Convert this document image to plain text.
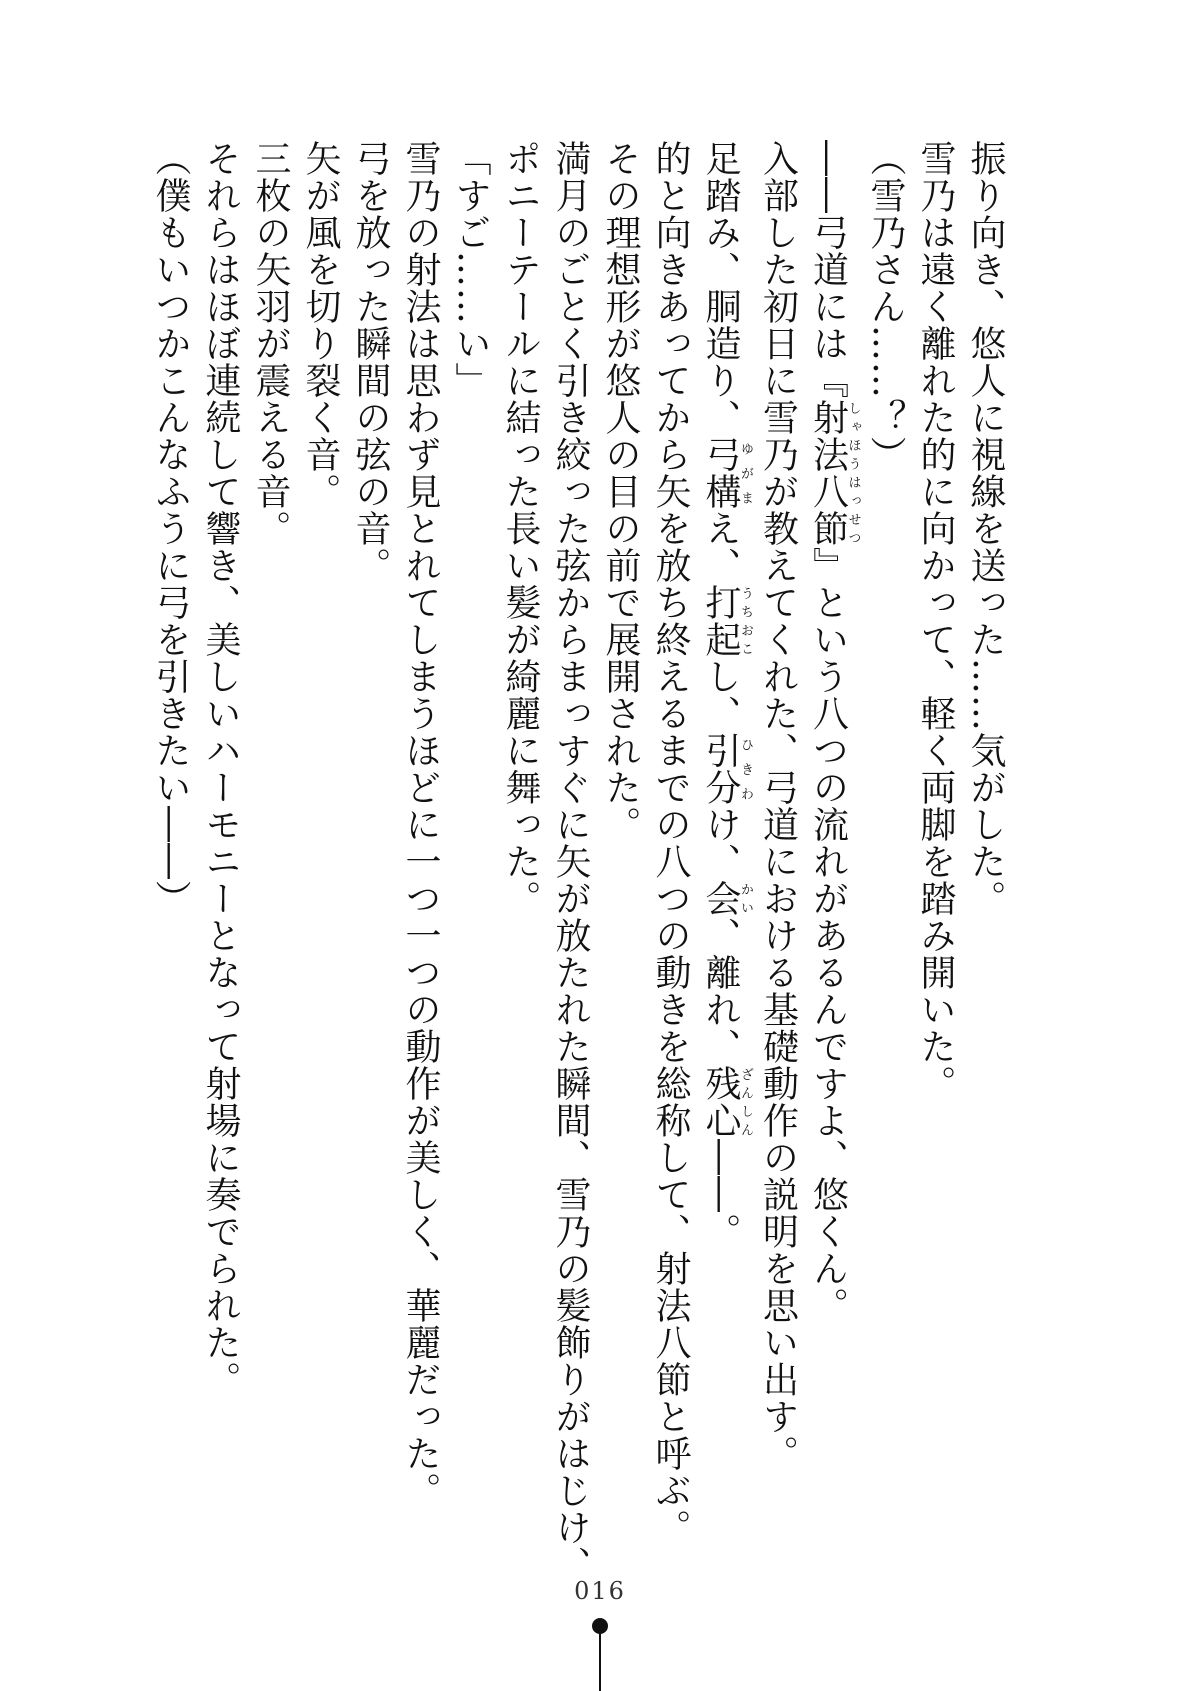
振り向き、悠人に視線を送った……気がした。
雪乃は遠く離れた的に向かって、軽く両脚を踏み開いた。
（雪乃さん……？）
――弓道には『射法八節しゃほうはっせつ』という八つの流れがあるんですよ、悠くん。
入部した初日に雪乃が教えてくれた、弓道における基礎動作の説明を思い出す。
足踏み、胴造り、弓構ゆがまえ、打起うちおこし、引分ひきわけ、会かい、離れ、残心ざんしん――。
的と向きあってから矢を放ち終えるまでの八つの動きを総称して、射法八節と呼ぶ。
その理想形が悠人の目の前で展開された。
満月のごとく引き絞った弦からまっすぐに矢が放たれた瞬間、雪乃の髪飾りがはじけ、
ポニーテールに結った長い髪が綺麗に舞った。
「すご……い」
雪乃の射法は思わず見とれてしまうほどに一つ一つの動作が美しく、華麗だった。
弓を放った瞬間の弦の音。
矢が風を切り裂く音。
三枚の矢羽が震える音。
それらはほぼ連続して響き、美しいハーモニーとなって射場に奏でられた。
（僕もいつかこんなふうに弓を引きたい――）
016
